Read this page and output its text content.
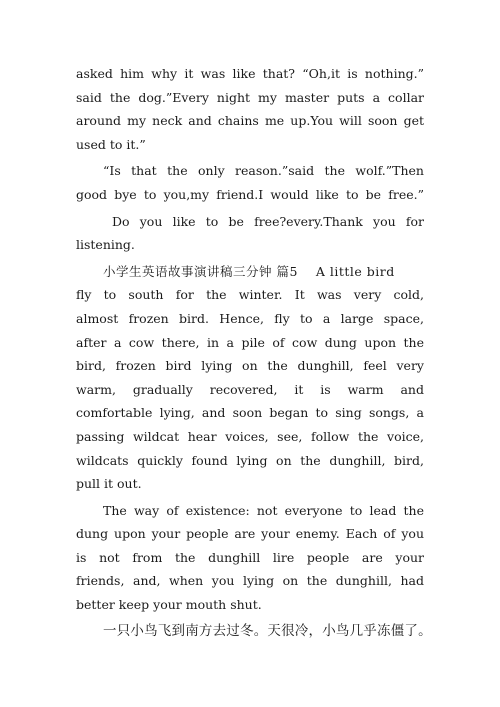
asked him why it was like that? “Oh,it is nothing.”
said the dog.”Every night my master puts a collar
around my neck and chains me up.You will soon get
used to it.”
“Is that the only reason.”said the wolf.”Then
good bye to you,my friend.I would like to be free.”
Do you like to be free?every.Thank you for
listening.
小学生英语故事演讲稿三分钟 篇5    A little bird
fly to south for the winter. It was very cold,
almost frozen bird. Hence, fly to a large space,
after a cow there, in a pile of cow dung upon the
bird, frozen bird lying on the dunghill, feel very
warm, gradually recovered, it is warm and
comfortable lying, and soon began to sing songs, a
passing wildcat hear voices, see, follow the voice,
wildcats quickly found lying on the dunghill, bird,
pull it out.
The way of existence: not everyone to lead the
dung upon your people are your enemy. Each of you
is not from the dunghill lire people are your
friends, and, when you lying on the dunghill, had
better keep your mouth shut.
一只小鸟飞到南方去过冬。天很冷，小鸟几乎冻僵了。
